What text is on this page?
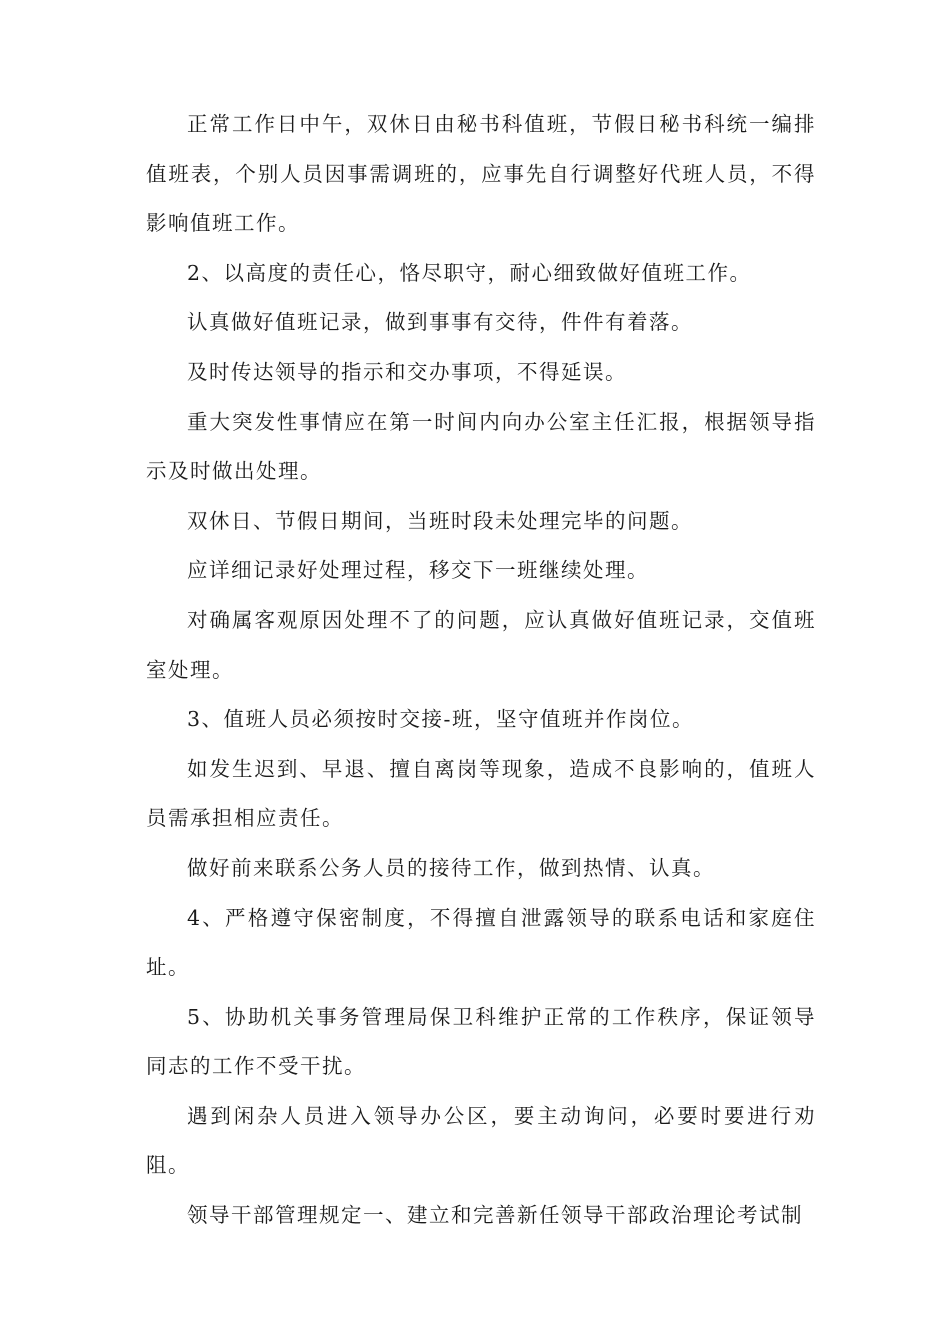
正常工作日中午，双休日由秘书科值班，节假日秘书科统一编排值班表，个别人员因事需调班的，应事先自行调整好代班人员，不得影响值班工作。

2、以高度的责任心，恪尽职守，耐心细致做好值班工作。

认真做好值班记录，做到事事有交待，件件有着落。

及时传达领导的指示和交办事项，不得延误。

重大突发性事情应在第一时间内向办公室主任汇报，根据领导指示及时做出处理。

双休日、节假日期间，当班时段未处理完毕的问题。

应详细记录好处理过程，移交下一班继续处理。

对确属客观原因处理不了的问题，应认真做好值班记录，交值班室处理。

3、值班人员必须按时交接-班，坚守值班并作岗位。

如发生迟到、早退、擅自离岗等现象，造成不良影响的，值班人员需承担相应责任。

做好前来联系公务人员的接待工作，做到热情、认真。

4、严格遵守保密制度，不得擅自泄露领导的联系电话和家庭住址。

5、协助机关事务管理局保卫科维护正常的工作秩序，保证领导同志的工作不受干扰。

遇到闲杂人员进入领导办公区，要主动询问，必要时要进行劝阻。

领导干部管理规定一、建立和完善新任领导干部政治理论考试制
